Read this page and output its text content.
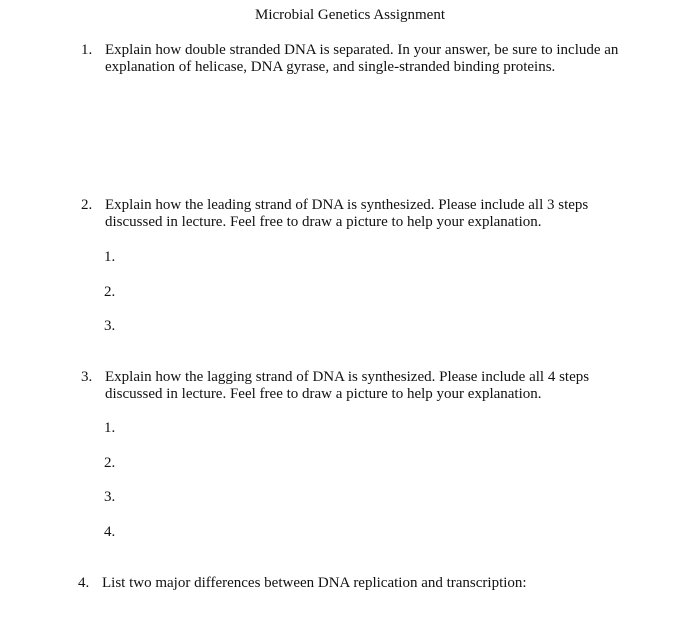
Microbial Genetics Assignment
1. Explain how double stranded DNA is separated. In your answer, be sure to include an explanation of helicase, DNA gyrase, and single-stranded binding proteins.
2. Explain how the leading strand of DNA is synthesized. Please include all 3 steps discussed in lecture. Feel free to draw a picture to help your explanation.
1.
2.
3.
3. Explain how the lagging strand of DNA is synthesized. Please include all 4 steps discussed in lecture. Feel free to draw a picture to help your explanation.
1.
2.
3.
4.
4. List two major differences between DNA replication and transcription:
